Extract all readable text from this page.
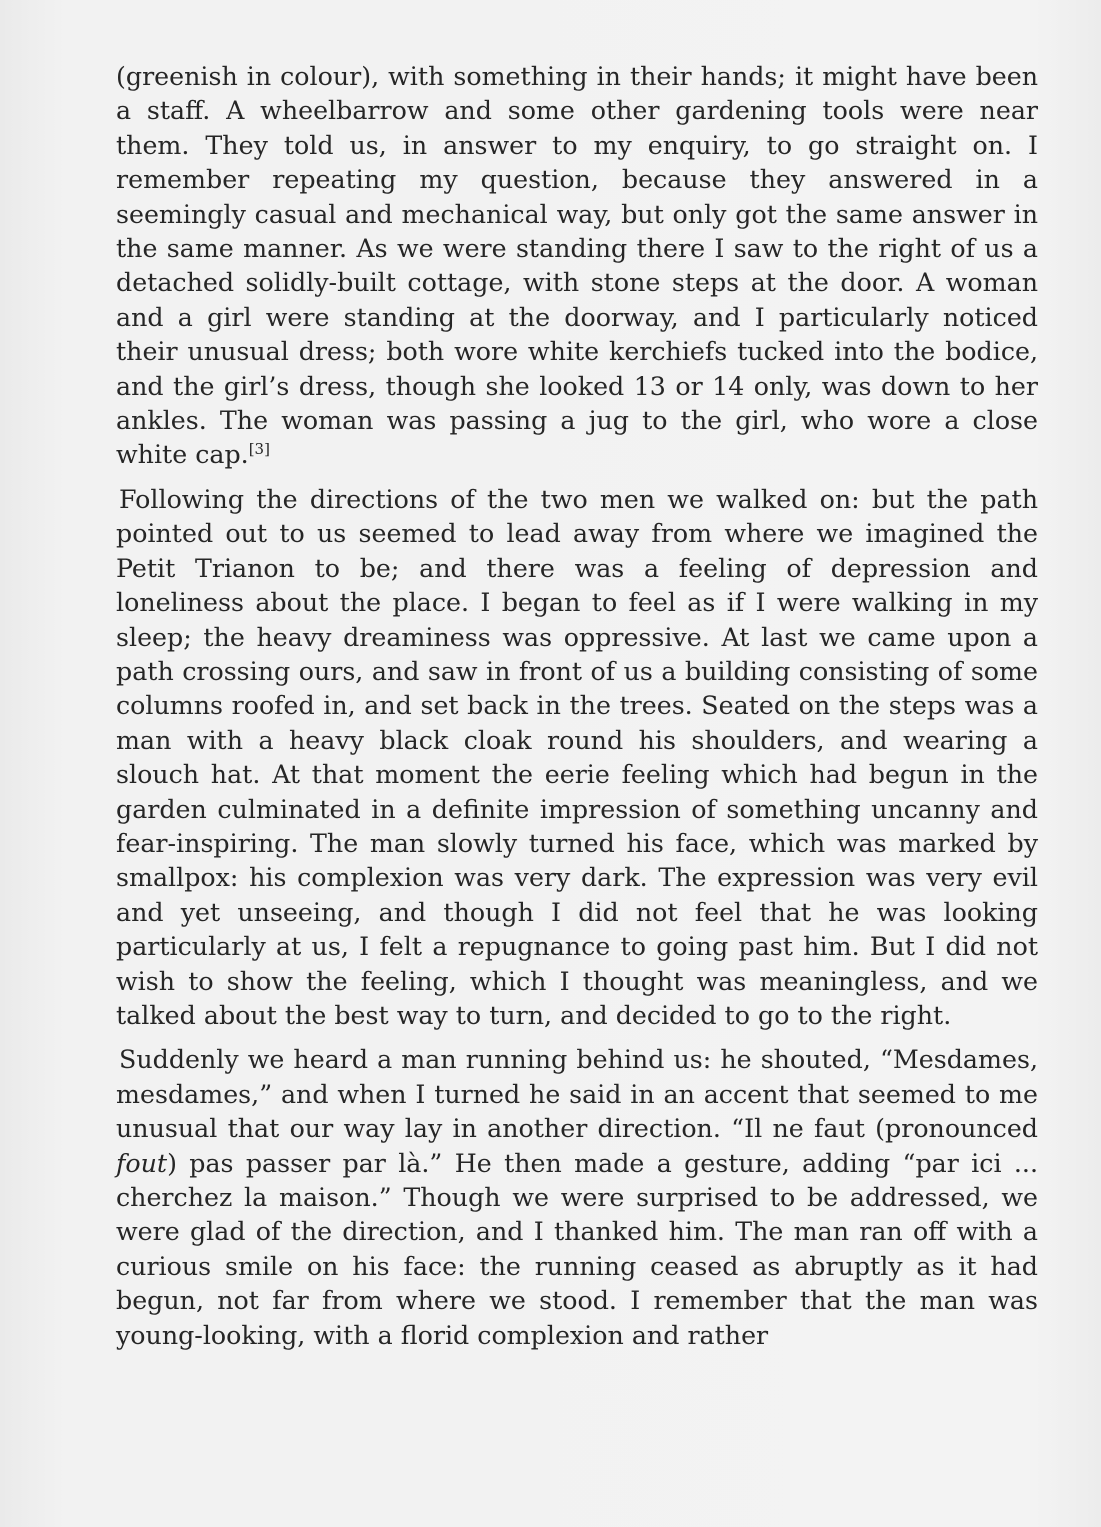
(greenish in colour), with something in their hands; it might have been a staff. A wheelbarrow and some other gardening tools were near them. They told us, in answer to my enquiry, to go straight on. I remember repeating my question, because they answered in a seemingly casual and mechanical way, but only got the same answer in the same manner. As we were standing there I saw to the right of us a detached solidly-built cottage, with stone steps at the door. A woman and a girl were standing at the doorway, and I particularly noticed their unusual dress; both wore white kerchiefs tucked into the bodice, and the girl’s dress, though she looked 13 or 14 only, was down to her ankles. The woman was passing a jug to the girl, who wore a close white cap.[3]

Following the directions of the two men we walked on: but the path pointed out to us seemed to lead away from where we imagined the Petit Trianon to be; and there was a feeling of depression and loneliness about the place. I began to feel as if I were walking in my sleep; the heavy dreaminess was oppressive. At last we came upon a path crossing ours, and saw in front of us a building consisting of some columns roofed in, and set back in the trees. Seated on the steps was a man with a heavy black cloak round his shoulders, and wearing a slouch hat. At that moment the eerie feeling which had begun in the garden culminated in a definite impression of something uncanny and fear-inspiring. The man slowly turned his face, which was marked by smallpox: his complexion was very dark. The expression was very evil and yet unseeing, and though I did not feel that he was looking particularly at us, I felt a repugnance to going past him. But I did not wish to show the feeling, which I thought was meaningless, and we talked about the best way to turn, and decided to go to the right.

Suddenly we heard a man running behind us: he shouted, “Mesdames, mesdames,” and when I turned he said in an accent that seemed to me unusual that our way lay in another direction. “Il ne faut (pronounced fout) pas passer par là.” He then made a gesture, adding “par ici ... cherchez la maison.” Though we were surprised to be addressed, we were glad of the direction, and I thanked him. The man ran off with a curious smile on his face: the running ceased as abruptly as it had begun, not far from where we stood. I remember that the man was young-looking, with a florid complexion and rather
